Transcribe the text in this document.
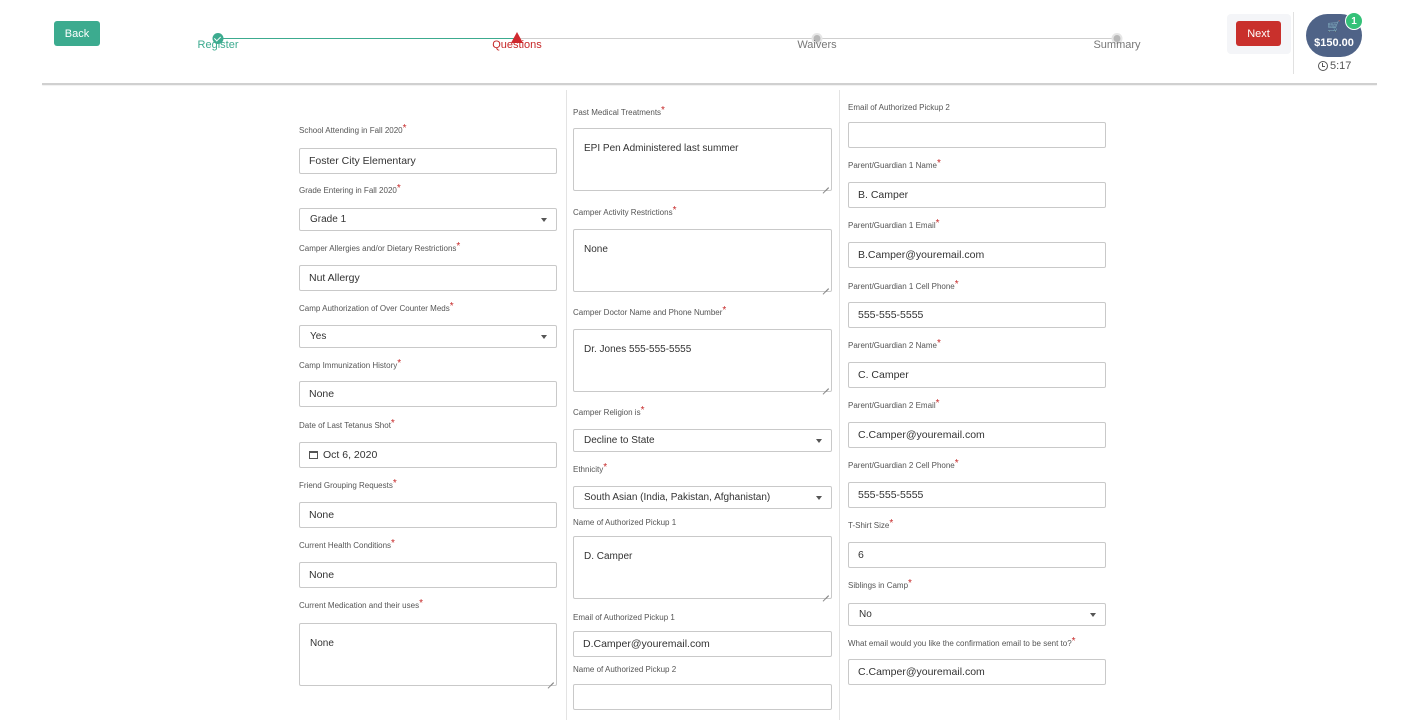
Back
Register	Questions	Waivers	Summary
Next
🛒
$150.00
1
5:17
School Attending in Fall 2020*
Foster City Elementary
Grade Entering in Fall 2020*
Grade 1
Camper Allergies and/or Dietary Restrictions*
Nut Allergy
Camp Authorization of Over Counter Meds*
Yes
Camp Immunization History*
None
Date of Last Tetanus Shot*
Oct 6, 2020
Friend Grouping Requests*
None
Current Health Conditions*
None
Current Medication and their uses*
None
Past Medical Treatments*
EPI Pen Administered last summer
Camper Activity Restrictions*
None
Camper Doctor Name and Phone Number*
Dr. Jones 555-555-5555
Camper Religion is*
Decline to State
Ethnicity*
South Asian (India, Pakistan, Afghanistan)
Name of Authorized Pickup 1
D. Camper
Email of Authorized Pickup 1
D.Camper@youremail.com
Name of Authorized Pickup 2
Email of Authorized Pickup 2
Parent/Guardian 1 Name*
B. Camper
Parent/Guardian 1 Email*
B.Camper@youremail.com
Parent/Guardian 1 Cell Phone*
555-555-5555
Parent/Guardian 2 Name*
C. Camper
Parent/Guardian 2 Email*
C.Camper@youremail.com
Parent/Guardian 2 Cell Phone*
555-555-5555
T-Shirt Size*
6
Siblings in Camp*
No
What email would you like the confirmation email to be sent to?*
C.Camper@youremail.com
